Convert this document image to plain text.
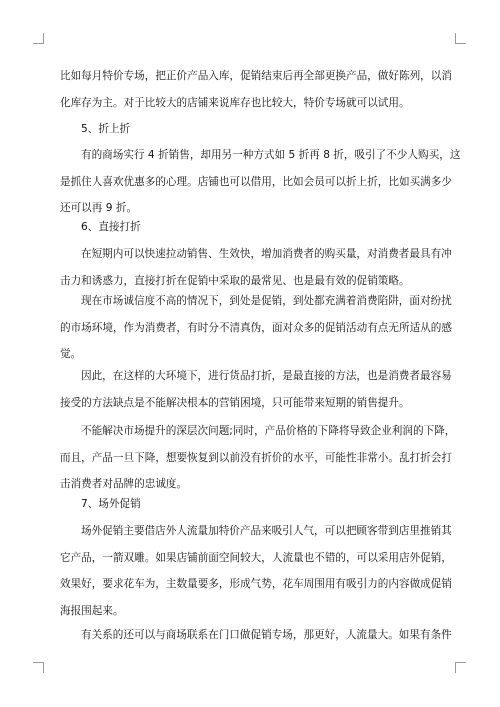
比如每月特价专场，把正价产品入库，促销结束后再全部更换产品，做好陈列，以消
化库存为主。对于比较大的店铺来说库存也比较大，特价专场就可以试用。
5、折上折
有的商场实行 4 折销售，却用另一种方式如 5 折再 8 折，吸引了不少人购买，这
是抓住人喜欢优惠多的心理。店铺也可以借用，比如会员可以折上折，比如买满多少
还可以再 9 折。
6、直接打折
在短期内可以快速拉动销售、生效快，增加消费者的购买量，对消费者最具有冲
击力和诱惑力，直接打折在促销中采取的最常见、也是最有效的促销策略。
现在市场诚信度不高的情况下，到处是促销，到处都充满着消费陷阱，面对纷扰
的市场环境，作为消费者，有时分不清真伪，面对众多的促销活动有点无所适从的感
觉。
因此，在这样的大环境下，进行货品打折，是最直接的方法，也是消费者最容易
接受的方法缺点是不能解决根本的营销困境，只可能带来短期的销售提升。
不能解决市场提升的深层次问题;同时，产品价格的下降将导致企业利润的下降，
而且，产品一旦下降，想要恢复到以前没有折价的水平，可能性非常小。乱打折会打
击消费者对品牌的忠诚度。
7、场外促销
场外促销主要借店外人流量加特价产品来吸引人气，可以把顾客带到店里推销其
它产品，一箭双雕。如果店铺前面空间较大，人流量也不错的，可以采用店外促销，
效果好，要求花车为，主数量要多，形成气势，花车周围用有吸引力的内容做成促销
海报围起来。
有关系的还可以与商场联系在门口做促销专场，那更好，人流量大。如果有条件
